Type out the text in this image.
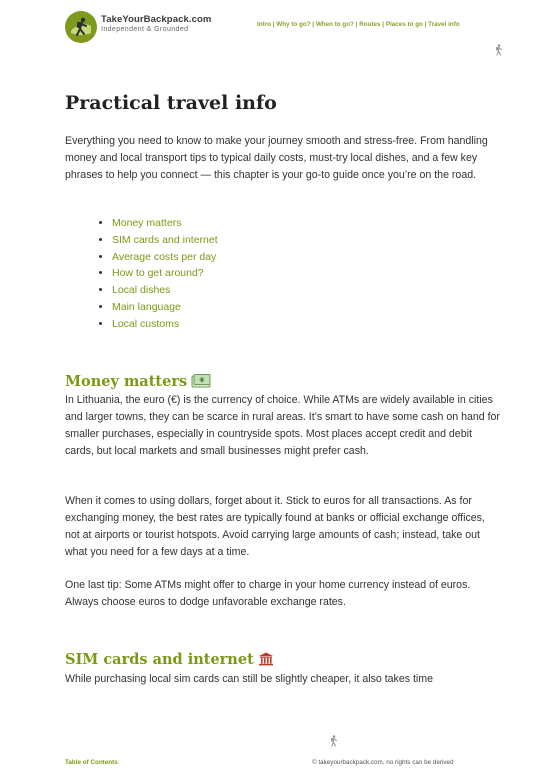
TakeYourBackpack.com
Independent & Grounded
Intro | Why to go? | When to go? | Routes | Places to go | Travel info
Practical travel info

Everything you need to know to make your journey smooth and stress-free. From handling money and local transport tips to typical daily costs, must-try local dishes, and a few key phrases to help you connect — this chapter is your go-to guide once you’re on the road.

• Money matters
• SIM cards and internet
• Average costs per day
• How to get around?
• Local dishes
• Main language
• Local customs
Money matters	$

In Lithuania, the euro (€) is the currency of choice. While ATMs are widely available in cities and larger towns, they can be scarce in rural areas. It’s smart to have some cash on hand for smaller purchases, especially in countryside spots. Most places accept credit and debit cards, but local markets and small businesses might prefer cash.

When it comes to using dollars, forget about it. Stick to euros for all transactions. As for exchanging money, the best rates are typically found at banks or official exchange offices, not at airports or tourist hotspots. Avoid carrying large amounts of cash; instead, take out what you need for a few days at a time.

One last tip: Some ATMs might offer to charge in your home currency instead of euros. Always choose euros to dodge unfavorable exchange rates.

SIM cards and internet

While purchasing local sim cards can still be slightly cheaper, it also takes time

Table of Contents	© takeyourbackpack.com, no rights can be derived
